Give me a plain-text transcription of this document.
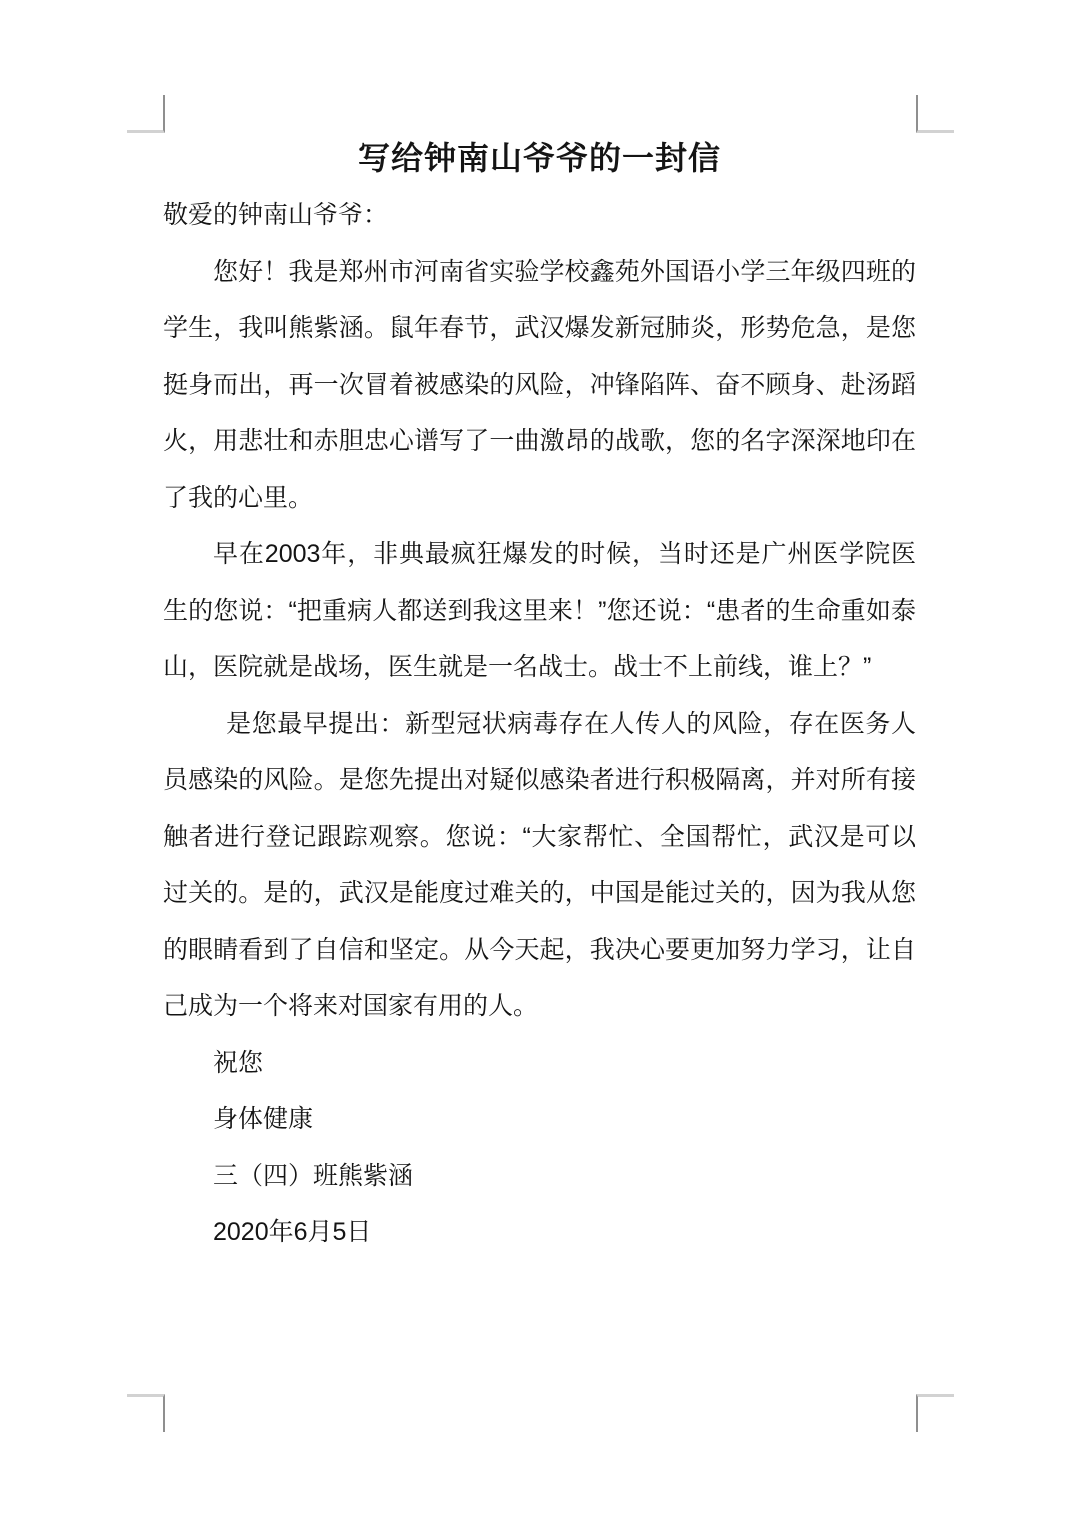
写给钟南山爷爷的一封信

敬爱的钟南山爷爷：

您好！我是郑州市河南省实验学校鑫苑外国语小学三年级四班的学生，我叫熊紫涵。鼠年春节，武汉爆发新冠肺炎，形势危急，是您挺身而出，再一次冒着被感染的风险，冲锋陷阵、奋不顾身、赴汤蹈火，用悲壮和赤胆忠心谱写了一曲激昂的战歌，您的名字深深地印在了我的心里。

早在2003年，非典最疯狂爆发的时候，当时还是广州医学院医生的您说：“把重病人都送到我这里来！”您还说：“患者的生命重如泰山，医院就是战场，医生就是一名战士。战士不上前线，谁上？”

 是您最早提出：新型冠状病毒存在人传人的风险，存在医务人员感染的风险。是您先提出对疑似感染者进行积极隔离，并对所有接触者进行登记跟踪观察。您说：“大家帮忙、全国帮忙，武汉是可以过关的。是的，武汉是能度过难关的，中国是能过关的，因为我从您的眼睛看到了自信和坚定。从今天起，我决心要更加努力学习，让自己成为一个将来对国家有用的人。

祝您

身体健康

三（四）班熊紫涵

2020年6月5日
